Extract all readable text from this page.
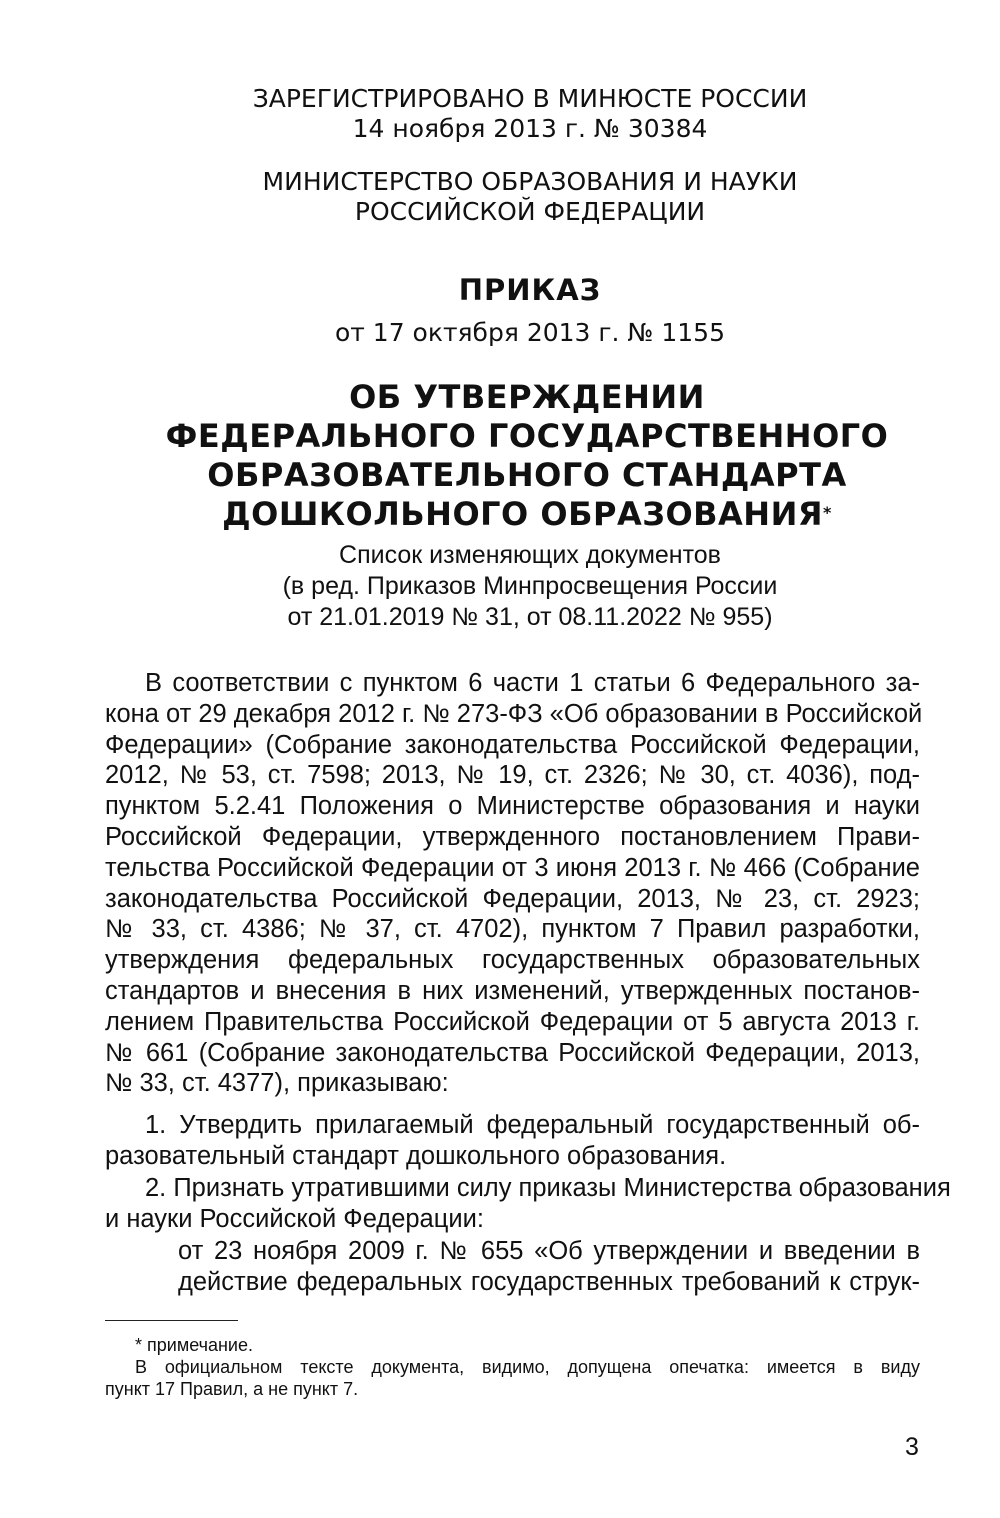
ЗАРЕГИСТРИРОВАНО В МИНЮСТЕ РОССИИ
14 ноября 2013 г. № 30384
МИНИСТЕРСТВО ОБРАЗОВАНИЯ И НАУКИ
РОССИЙСКОЙ ФЕДЕРАЦИИ
ПРИКАЗ
от 17 октября 2013 г. № 1155
ОБ УТВЕРЖДЕНИИ
ФЕДЕРАЛЬНОГО ГОСУДАРСТВЕННОГО
ОБРАЗОВАТЕЛЬНОГО СТАНДАРТА
ДОШКОЛЬНОГО ОБРАЗОВАНИЯ*
Список изменяющих документов
(в ред. Приказов Минпросвещения России
от 21.01.2019 № 31, от 08.11.2022 № 955)
В соответствии с пунктом 6 части 1 статьи 6 Федерального за-
кона от 29 декабря 2012 г. № 273-ФЗ «Об образовании в Российской
Федерации» (Собрание законодательства Российской Федерации,
2012, № 53, ст. 7598; 2013, № 19, ст. 2326; № 30, ст. 4036), под-
пунктом 5.2.41 Положения о Министерстве образования и науки
Российской Федерации, утвержденного постановлением Прави-
тельства Российской Федерации от 3 июня 2013 г. № 466 (Собрание
законодательства Российской Федерации, 2013, № 23, ст. 2923;
№ 33, ст. 4386; № 37, ст. 4702), пунктом 7 Правил разработки,
утверждения федеральных государственных образовательных
стандартов и внесения в них изменений, утвержденных постанов-
лением Правительства Российской Федерации от 5 августа 2013 г.
№ 661 (Собрание законодательства Российской Федерации, 2013,
№ 33, ст. 4377), приказываю:
1. Утвердить прилагаемый федеральный государственный об-
разовательный стандарт дошкольного образования.
2. Признать утратившими силу приказы Министерства образования
и науки Российской Федерации:
от 23 ноября 2009 г. № 655 «Об утверждении и введении в
действие федеральных государственных требований к струк-
* примечание.
В официальном тексте документа, видимо, допущена опечатка: имеется в виду
пункт 17 Правил, а не пункт 7.
3
